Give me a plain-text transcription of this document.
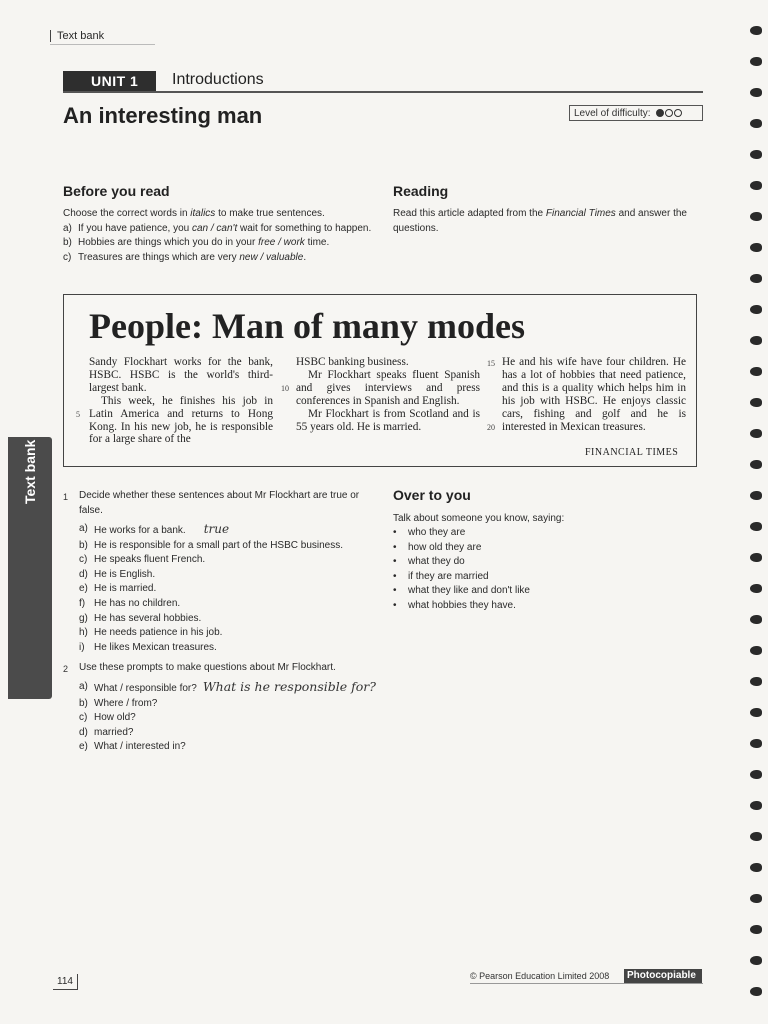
Text bank
UNIT 1	Introductions
An interesting man	Level of difficulty:
Before you read
Choose the correct words in italics to make true sentences.
a) If you have patience, you can / can't wait for something to happen.
b) Hobbies are things which you do in your free / work time.
c) Treasures are things which are very new / valuable.
Reading
Read this article adapted from the Financial Times and answer the questions.
People: Man of many modes

Sandy Flockhart works for the bank, HSBC. HSBC is the world's third-largest bank.

This week, he finishes his job in Latin America and returns to Hong Kong. In his new job, he is responsible for a large share of the

HSBC banking business.

Mr Flockhart speaks fluent Spanish and gives interviews and press conferences in Spanish and English.

Mr Flockhart is from Scotland and is 55 years old. He is married.

He and his wife have four children. He has a lot of hobbies that need patience, and this is a quality which helps him in his job with HSBC. He enjoys classic cars, fishing and golf and he is interested in Mexican treasures.

5
10
15
20
FINANCIAL TIMES
Text bank	1 Decide whether these sentences about Mr Flockhart are true or false.
a) He works for a bank. true
b) He is responsible for a small part of the HSBC business.
c) He speaks fluent French.
d) He is English.
e) He is married.
f) He has no children.
g) He has several hobbies.
h) He needs patience in his job.
i) He likes Mexican treasures.
2 Use these prompts to make questions about Mr Flockhart.
a) What / responsible for? What is he responsible for?
b) Where / from?
c) How old?
d) married?
e) What / interested in?
Over to you
Talk about someone you know, saying:
• who they are
• how old they are
• what they do
• if they are married
• what they like and don't like
• what hobbies they have.
114	© Pearson Education Limited 2008	Photocopiable
